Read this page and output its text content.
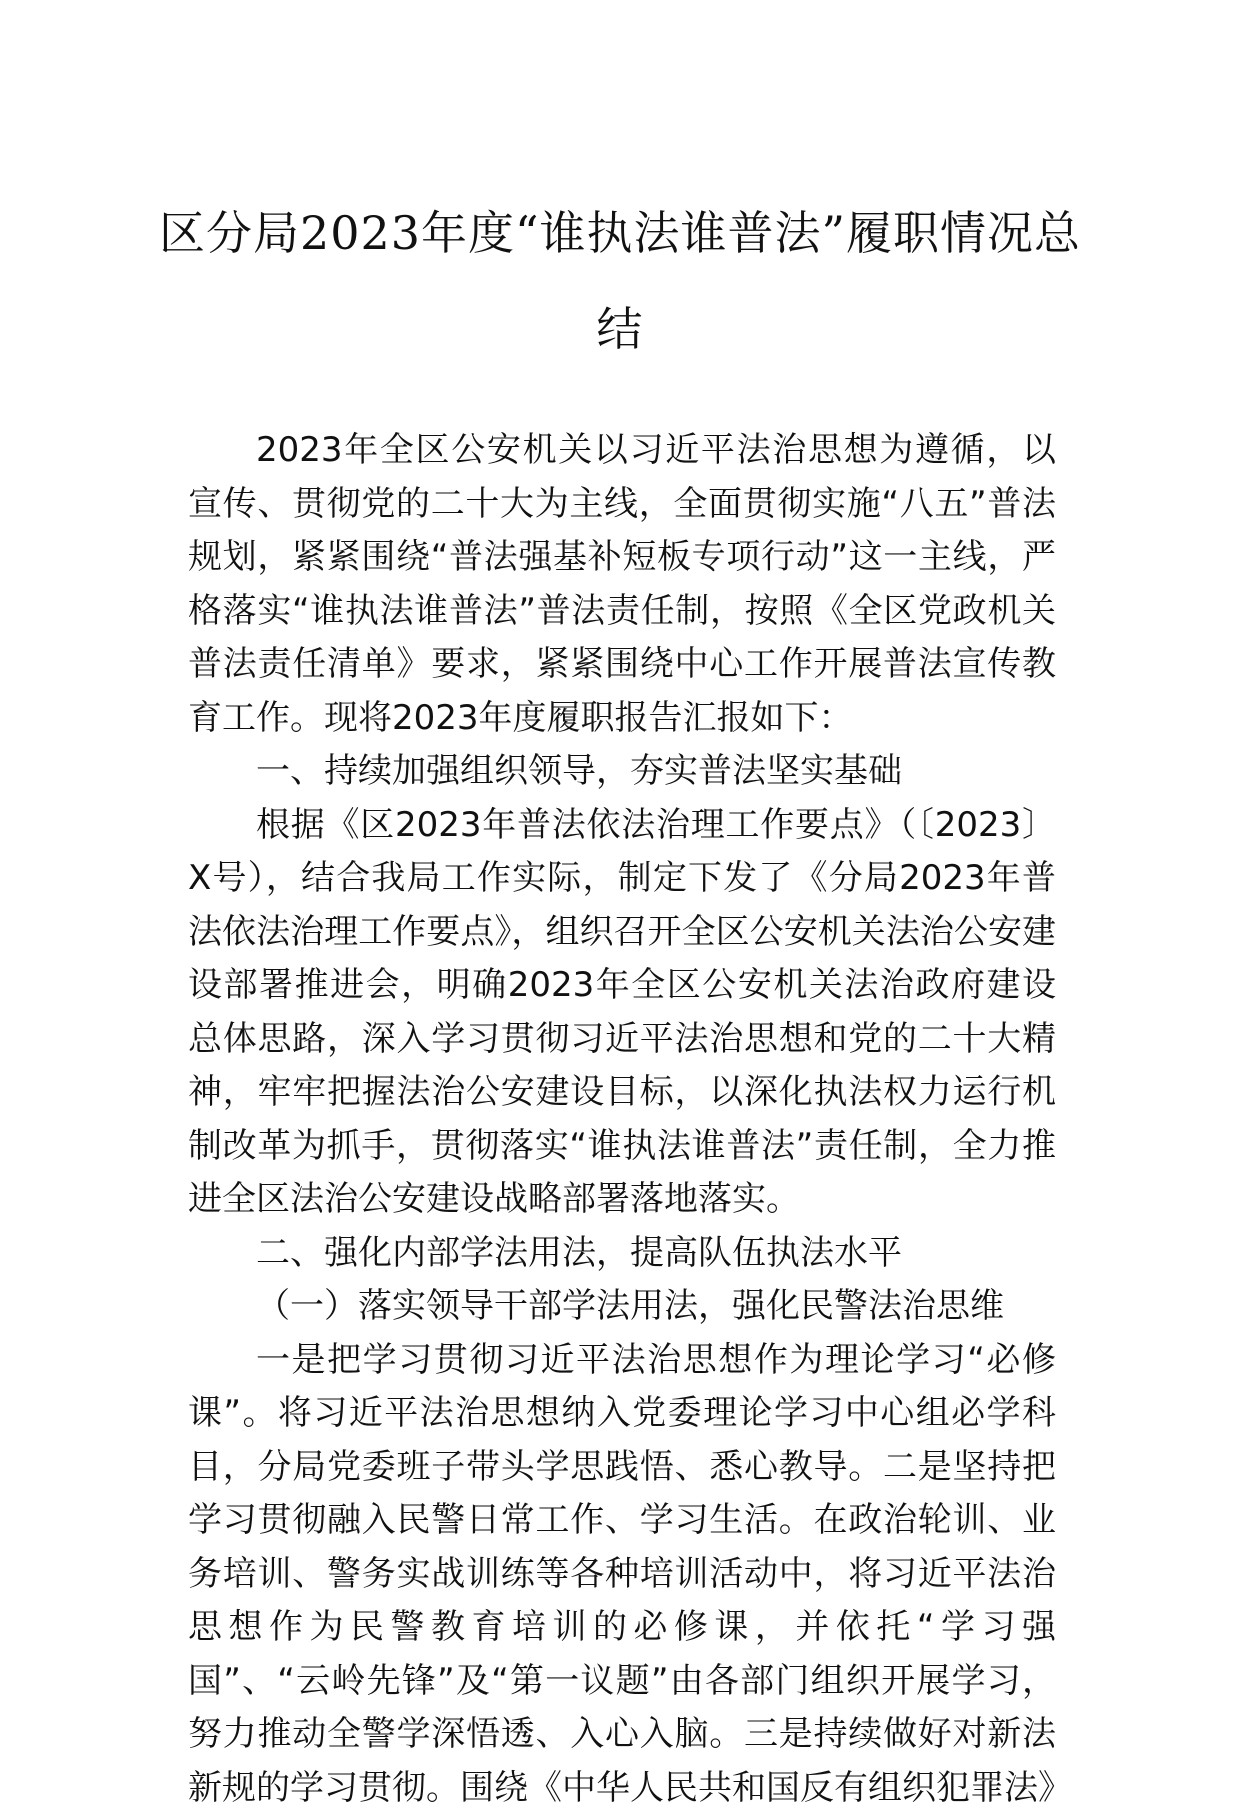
区分局2023年度“谁执法谁普法”履职情况总结

2023年全区公安机关以习近平法治思想为遵循，以宣传、贯彻党的二十大为主线，全面贯彻实施“八五”普法规划，紧紧围绕“普法强基补短板专项行动”这一主线，严格落实“谁执法谁普法”普法责任制，按照《全区党政机关普法责任清单》要求，紧紧围绕中心工作开展普法宣传教育工作。现将2023年度履职报告汇报如下：

一、持续加强组织领导，夯实普法坚实基础

根据《区2023年普法依法治理工作要点》（〔2023〕X号），结合我局工作实际，制定下发了《分局2023年普法依法治理工作要点》，组织召开全区公安机关法治公安建设部署推进会，明确2023年全区公安机关法治政府建设总体思路，深入学习贯彻习近平法治思想和党的二十大精神，牢牢把握法治公安建设目标，以深化执法权力运行机制改革为抓手，贯彻落实“谁执法谁普法”责任制，全力推进全区法治公安建设战略部署落地落实。

二、强化内部学法用法，提高队伍执法水平

（一）落实领导干部学法用法，强化民警法治思维

一是把学习贯彻习近平法治思想作为理论学习“必修课”。将习近平法治思想纳入党委理论学习中心组必学科目，分局党委班子带头学思践悟、悉心教导。二是坚持把学习贯彻融入民警日常工作、学习生活。在政治轮训、业务培训、警务实战训练等各种培训活动中，将习近平法治思想作为民警教育培训的必修课，并依托“学习强国”、“云岭先锋”及“第一议题”由各部门组织开展学习，努力推动全警学深悟透、入心入脑。三是持续做好对新法新规的学习贯彻。围绕《中华人民共和国反有组织犯罪法》
